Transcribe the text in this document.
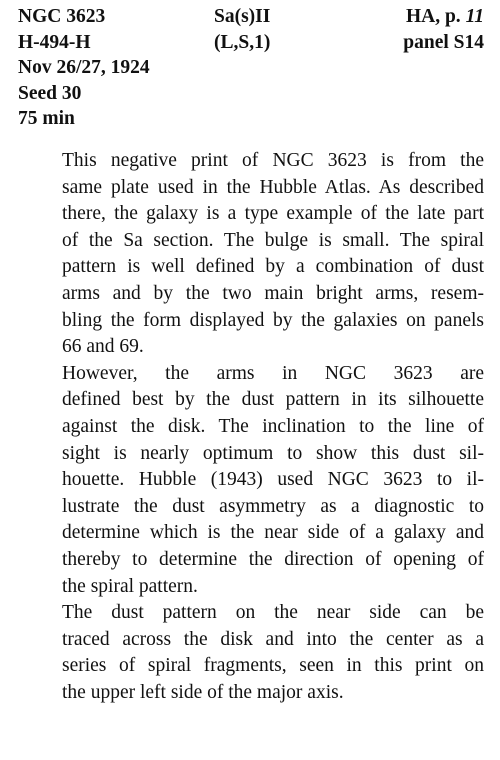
NGC 3623	Sa(s)II	HA, p. 11
H-494-H	(L,S,1)	panel S14
Nov 26/27, 1924
Seed 30
75 min

This negative print of NGC 3623 is from the
same plate used in the Hubble Atlas. As described
there, the galaxy is a type example of the late part
of the Sa section. The bulge is small. The spiral
pattern is well defined by a combination of dust
arms and by the two main bright arms, resem-
bling the form displayed by the galaxies on panels
66 and 69.

However, the arms in NGC 3623 are
defined best by the dust pattern in its silhouette
against the disk. The inclination to the line of
sight is nearly optimum to show this dust sil-
houette. Hubble (1943) used NGC 3623 to il-
lustrate the dust asymmetry as a diagnostic to
determine which is the near side of a galaxy and
thereby to determine the direction of opening of
the spiral pattern.

The dust pattern on the near side can be
traced across the disk and into the center as a
series of spiral fragments, seen in this print on
the upper left side of the major axis.
